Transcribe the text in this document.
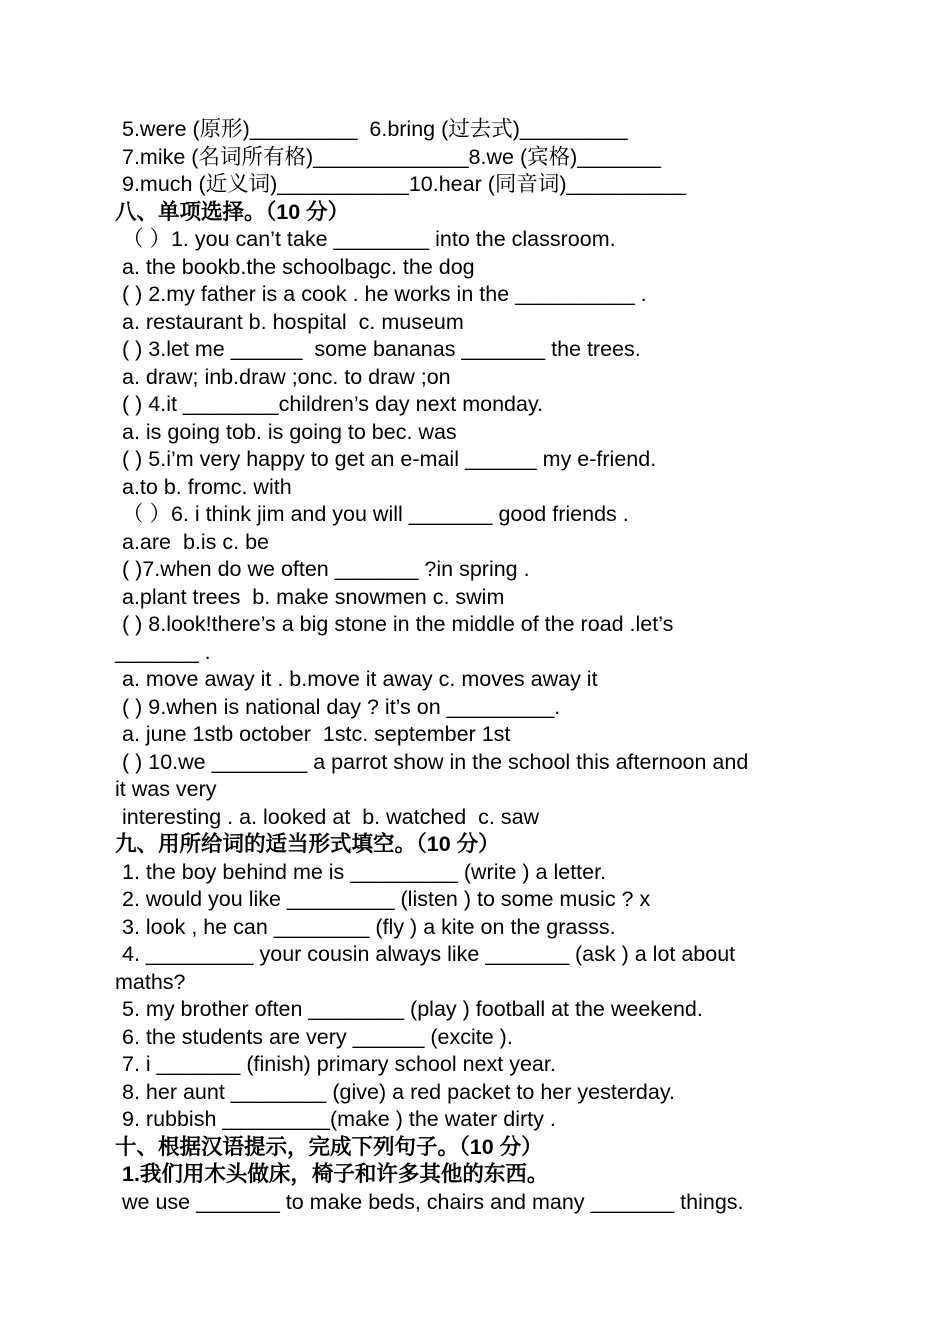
5.were (原形)_________  6.bring (过去式)_________
7.mike (名词所有格)_____________8.we (宾格)_______
9.much (近义词)___________10.hear (同音词)__________
八、单项选择。（10 分）
（ ）1. you can’t take ________ into the classroom.
a. the bookb.the schoolbagc. the dog
( ) 2.my father is a cook . he works in the __________ .
a. restaurant b. hospital  c. museum
( ) 3.let me ______  some bananas _______ the trees.
a. draw; inb.draw ;onc. to draw ;on
( ) 4.it ________children’s day next monday.
a. is going tob. is going to bec. was
( ) 5.i’m very happy to get an e-mail ______ my e-friend.
a.to b. fromc. with
（ ）6. i think jim and you will _______ good friends .
a.are  b.is c. be
( )7.when do we often _______ ?in spring .
a.plant trees  b. make snowmen c. swim
( ) 8.look!there’s a big stone in the middle of the road .let’s
_______ .
a. move away it . b.move it away c. moves away it
( ) 9.when is national day ? it’s on _________.
a. june 1stb october  1stc. september 1st
( ) 10.we ________ a parrot show in the school this afternoon and
it was very
interesting . a. looked at  b. watched  c. saw
九、用所给词的适当形式填空。（10 分）
1. the boy behind me is _________ (write ) a letter.
2. would you like _________ (listen ) to some music ? x
3. look , he can ________ (fly ) a kite on the grasss.
4. _________ your cousin always like _______ (ask ) a lot about
maths?
5. my brother often ________ (play ) football at the weekend.
6. the students are very ______ (excite ).
7. i _______ (finish) primary school next year.
8. her aunt ________ (give) a red packet to her yesterday.
9. rubbish _________(make ) the water dirty .
十、根据汉语提示，完成下列句子。（10 分）
1.我们用木头做床，椅子和许多其他的东西。
we use _______ to make beds, chairs and many _______ things.
